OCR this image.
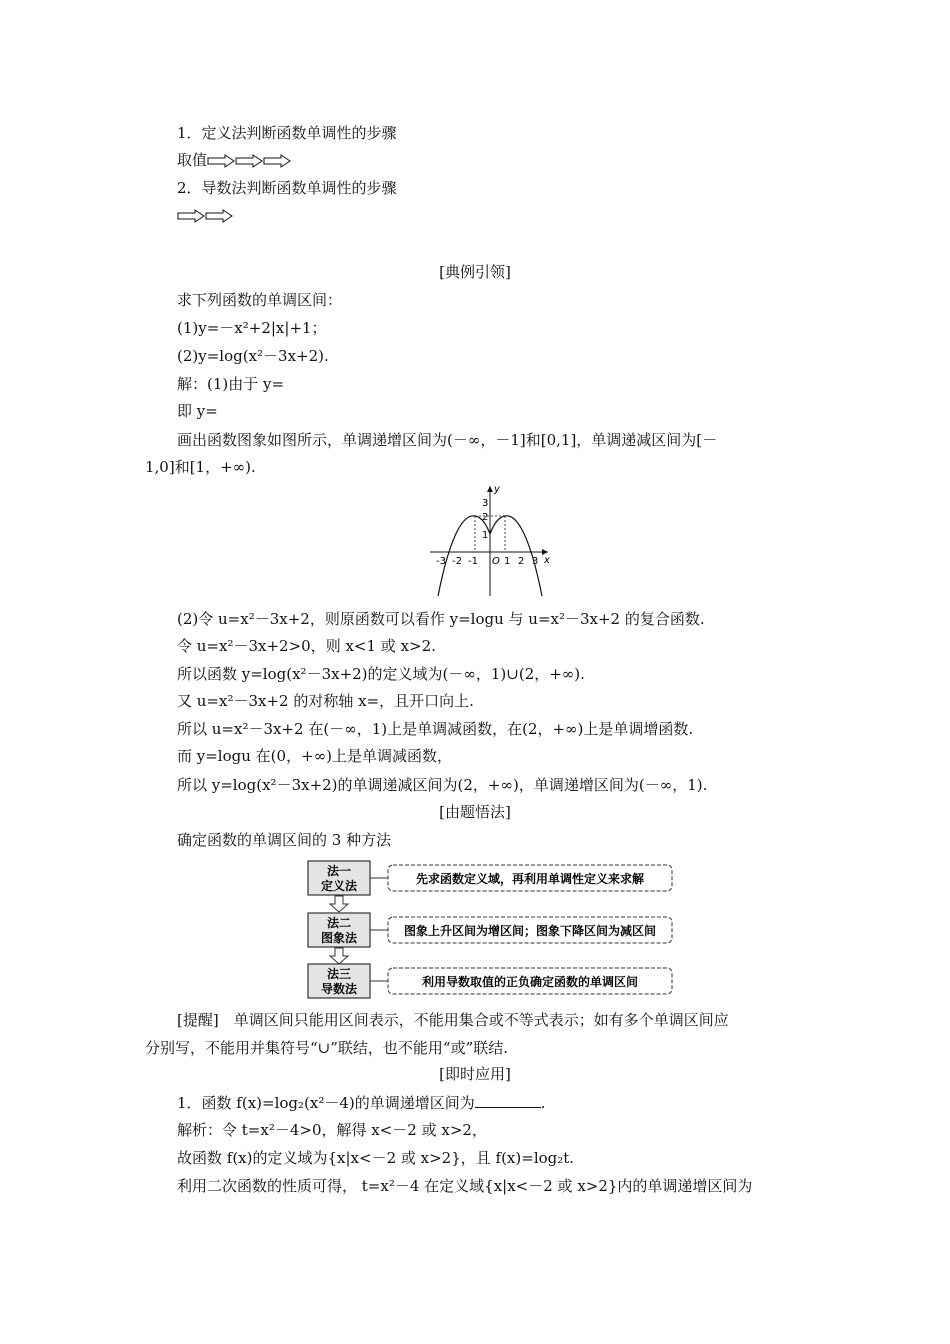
1．定义法判断函数单调性的步骤
取值
2．导数法判断函数单调性的步骤
[典例引领]
求下列函数的单调区间：
(1)y=－x²+2|x|+1；
(2)y=log(x²－3x+2).
解：(1)由于 y=
即 y=
画出函数图象如图所示，单调递增区间为(－∞，－1]和[0,1]，单调递减区间为[－
1,0]和[1，+∞).
y
x
O
3
2
1
-3 -2 -1	1 2 3
(2)令 u=x²－3x+2，则原函数可以看作 y=logu 与 u=x²－3x+2 的复合函数.
令 u=x²－3x+2>0，则 x<1 或 x>2.
所以函数 y=log(x²－3x+2)的定义域为(－∞，1)∪(2，+∞).
又 u=x²－3x+2 的对称轴 x=，且开口向上.
所以 u=x²－3x+2 在(－∞，1)上是单调减函数，在(2，+∞)上是单调增函数.
而 y=logu 在(0，+∞)上是单调减函数，
所以 y=log(x²－3x+2)的单调递减区间为(2，+∞)，单调递增区间为(－∞，1).
[由题悟法]
确定函数的单调区间的 3 种方法
法一
定义法	先求函数定义域，再利用单调性定义来求解
法二
图象法	图象上升区间为增区间；图象下降区间为减区间
法三
导数法	利用导数取值的正负确定函数的单调区间
[提醒]　单调区间只能用区间表示，不能用集合或不等式表示；如有多个单调区间应
分别写，不能用并集符号“∪”联结，也不能用“或”联结.
[即时应用]
1．函数 f(x)=log₂(x²－4)的单调递增区间为	.
解析：令 t=x²－4>0，解得 x<－2 或 x>2，
故函数 f(x)的定义域为{x|x<－2 或 x>2}，且 f(x)=log₂t.
利用二次函数的性质可得， t=x²－4 在定义域{x|x<－2 或 x>2}内的单调递增区间为
